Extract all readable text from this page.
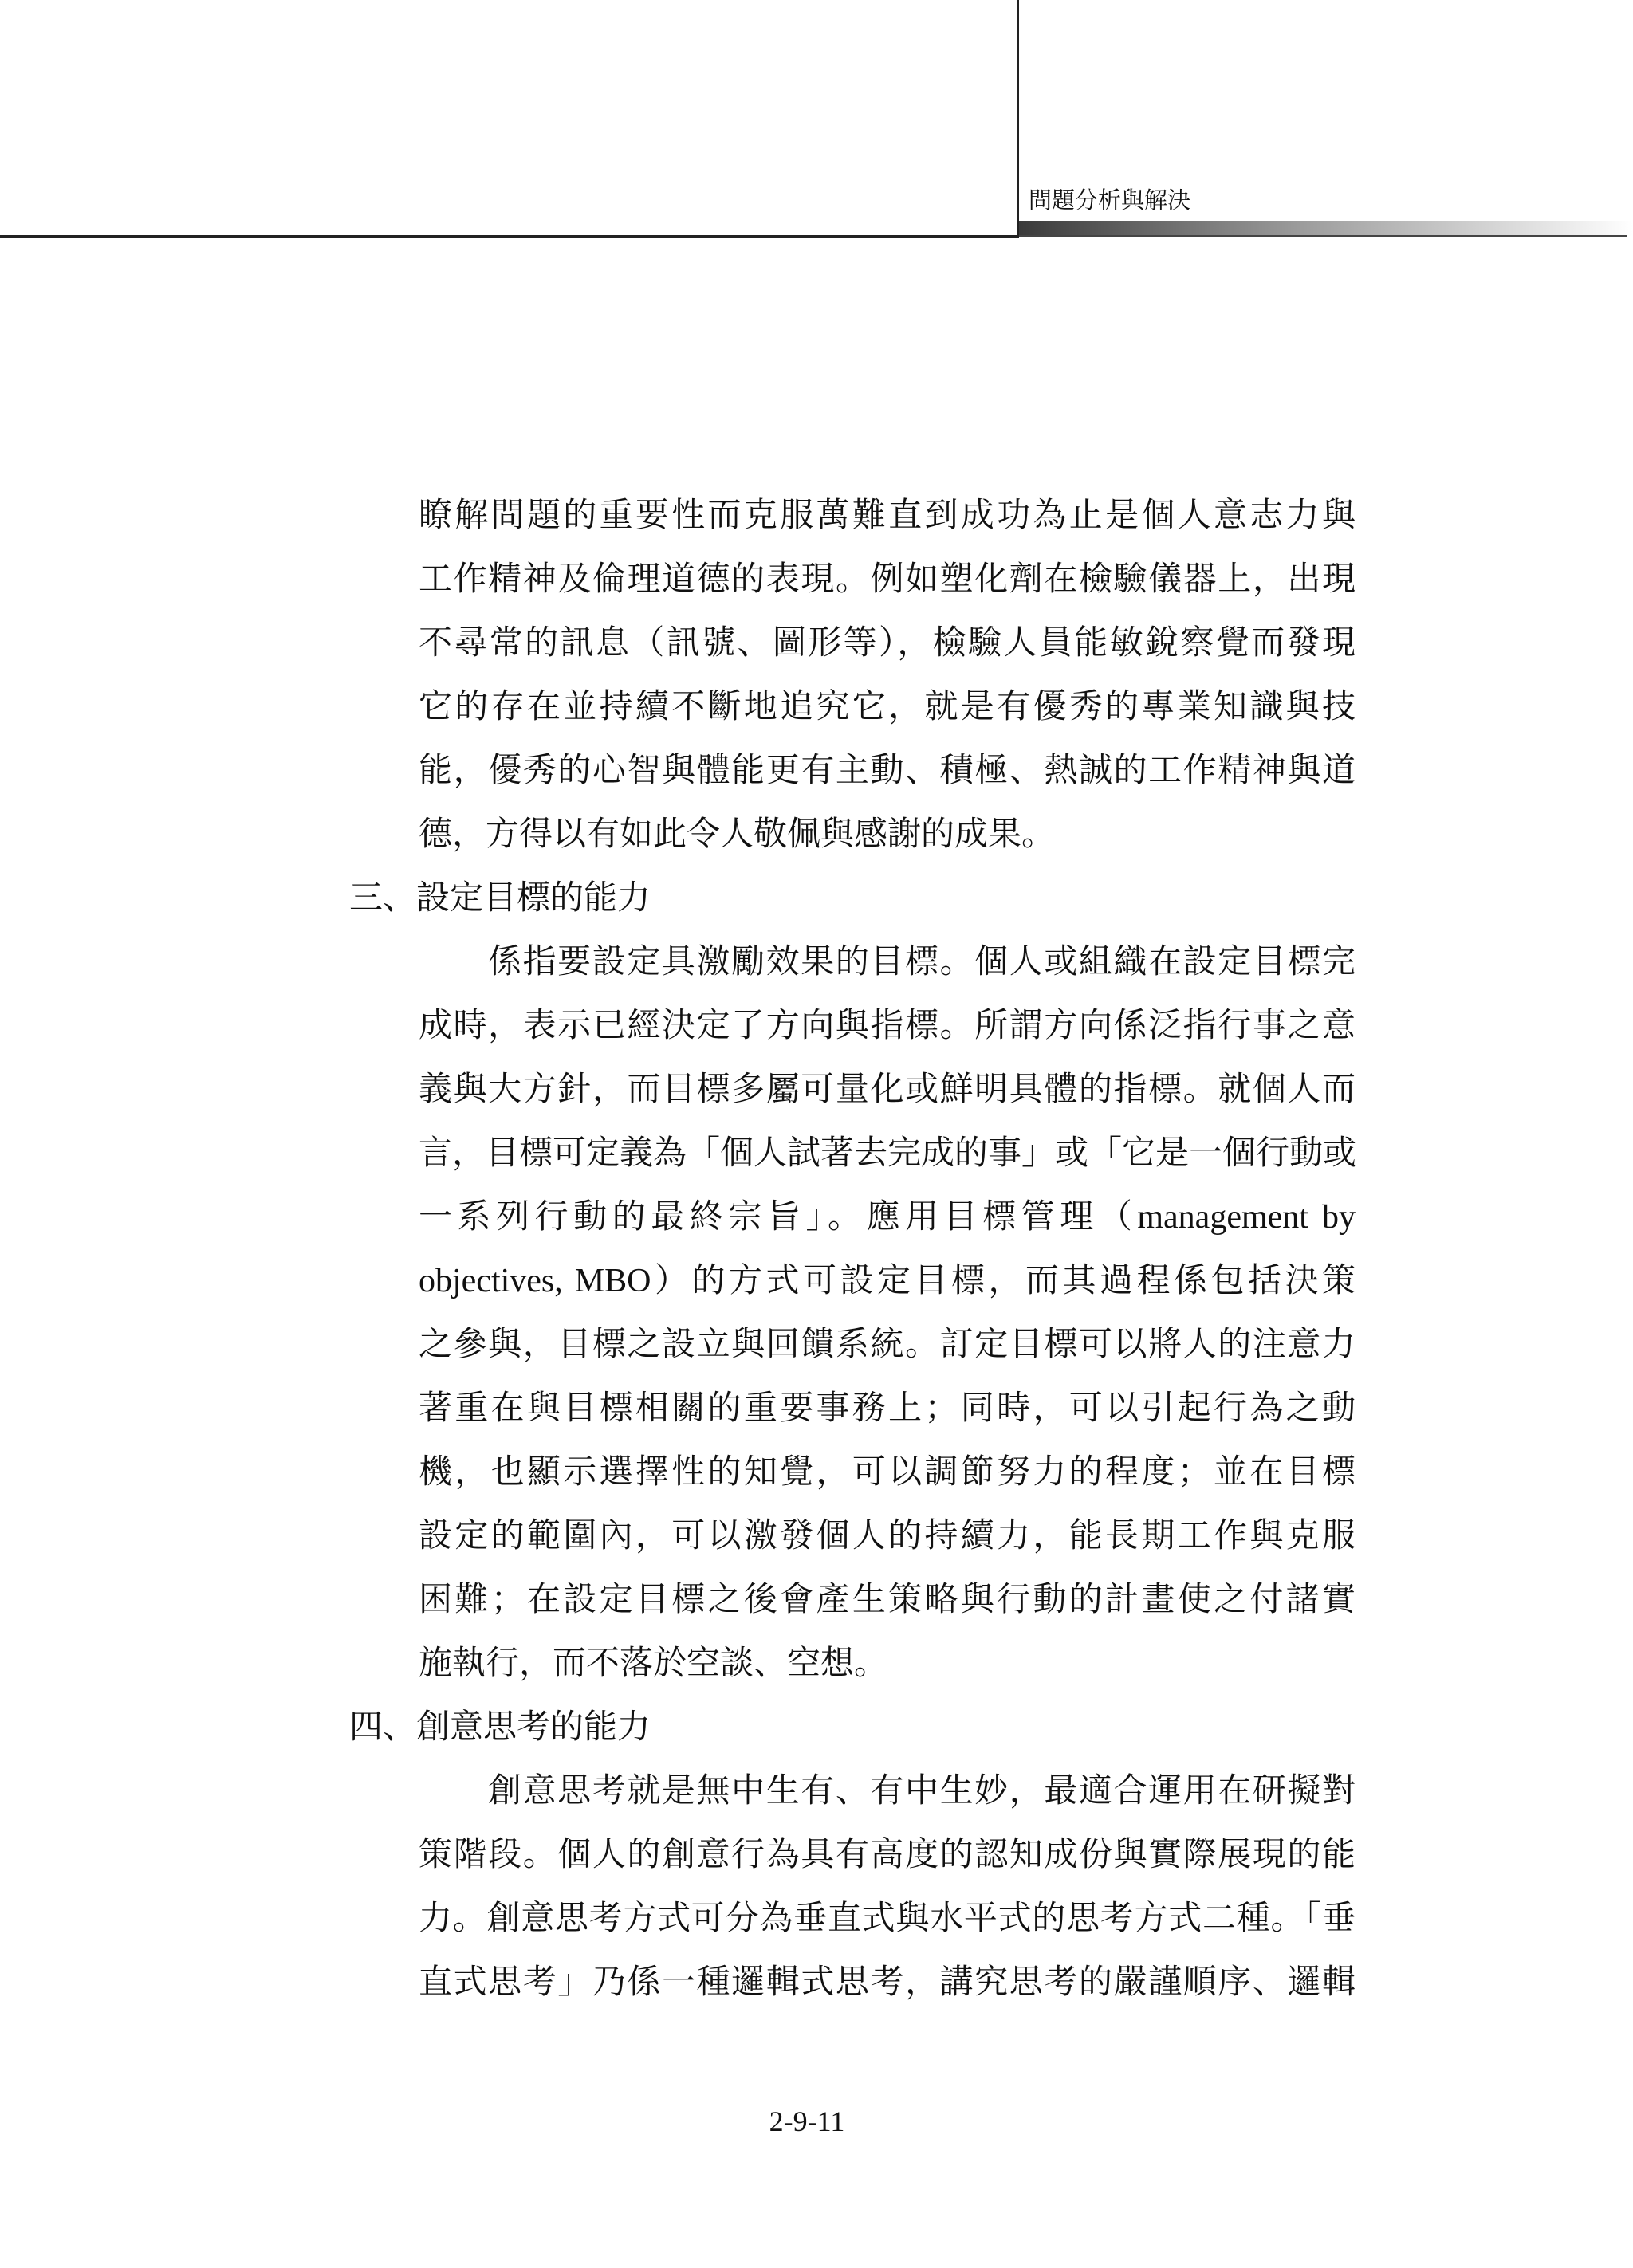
問題分析與解決
瞭解問題的重要性而克服萬難直到成功為止是個人意志力與
工作精神及倫理道德的表現。例如塑化劑在檢驗儀器上，出現
不尋常的訊息（訊號、圖形等），檢驗人員能敏銳察覺而發現
它的存在並持續不斷地追究它，就是有優秀的專業知識與技
能，優秀的心智與體能更有主動、積極、熱誠的工作精神與道
德，方得以有如此令人敬佩與感謝的成果。
三、設定目標的能力
係指要設定具激勵效果的目標。個人或組織在設定目標完
成時，表示已經決定了方向與指標。所謂方向係泛指行事之意
義與大方針，而目標多屬可量化或鮮明具體的指標。就個人而
言，目標可定義為「個人試著去完成的事」或「它是一個行動或
一系列行動的最終宗旨」。應用目標管理（management by
objectives, MBO）的方式可設定目標，而其過程係包括決策
之參與，目標之設立與回饋系統。訂定目標可以將人的注意力
著重在與目標相關的重要事務上；同時，可以引起行為之動
機，也顯示選擇性的知覺，可以調節努力的程度；並在目標
設定的範圍內，可以激發個人的持續力，能長期工作與克服
困難；在設定目標之後會產生策略與行動的計畫使之付諸實
施執行，而不落於空談、空想。
四、創意思考的能力
創意思考就是無中生有、有中生妙，最適合運用在研擬對
策階段。個人的創意行為具有高度的認知成份與實際展現的能
力。創意思考方式可分為垂直式與水平式的思考方式二種。「垂
直式思考」乃係一種邏輯式思考，講究思考的嚴謹順序、邏輯
2-9-11
